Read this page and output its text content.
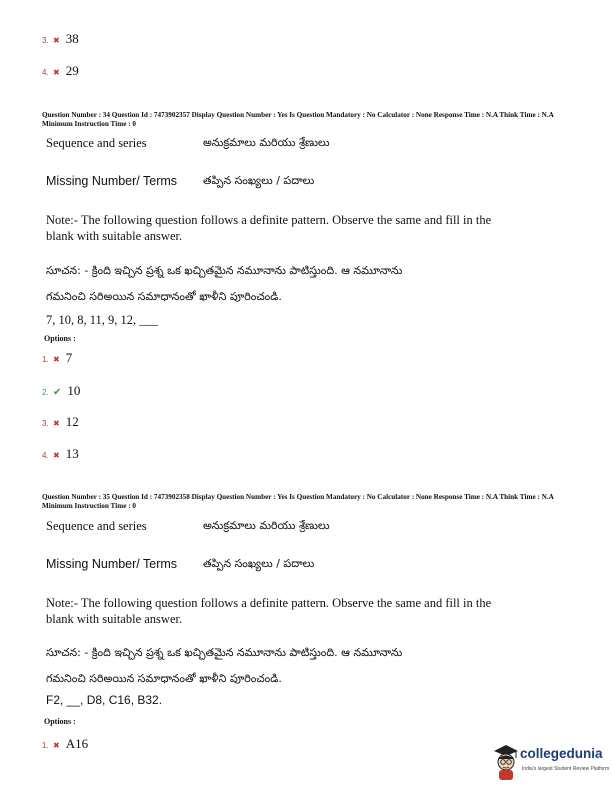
3. ✖ 38
4. ✖ 29
Question Number : 34 Question Id : 7473902357 Display Question Number : Yes Is Question Mandatory : No Calculator : None Response Time : N.A Think Time : N.A Minimum Instruction Time : 0
Sequence and series	అనుక్రమాలు మరియు శ్రేణులు
Missing Number/ Terms తప్పిన సంఖ్యలు / పదాలు
Note:- The following question follows a definite pattern. Observe the same and fill in the blank with suitable answer.
సూచన: - క్రింది ఇచ్చిన ప్రశ్న ఒక ఖచ్చితమైన నమూనాను పాటిస్తుంది. ఆ నమూనాను
గమనించి సరిఅయిన సమాధానంతో ఖాళీని పూరించండి.
7, 10, 8, 11, 9, 12, ___
Options :
1. ✖ 7
2. ✔ 10
3. ✖ 12
4. ✖ 13
Question Number : 35 Question Id : 7473902358 Display Question Number : Yes Is Question Mandatory : No Calculator : None Response Time : N.A Think Time : N.A Minimum Instruction Time : 0
Sequence and series	అనుక్రమాలు మరియు శ్రేణులు
Missing Number/ Terms తప్పిన సంఖ్యలు / పదాలు
Note:- The following question follows a definite pattern. Observe the same and fill in the blank with suitable answer.
సూచన: - క్రింది ఇచ్చిన ప్రశ్న ఒక ఖచ్చితమైన నమూనాను పాటిస్తుంది. ఆ నమూనాను
గమనించి సరిఅయిన సమాధానంతో ఖాళీని పూరించండి.
F2, __, D8, C16, B32.
Options :
1. ✖ A16
collegedunia
India's largest Student Review Platform
